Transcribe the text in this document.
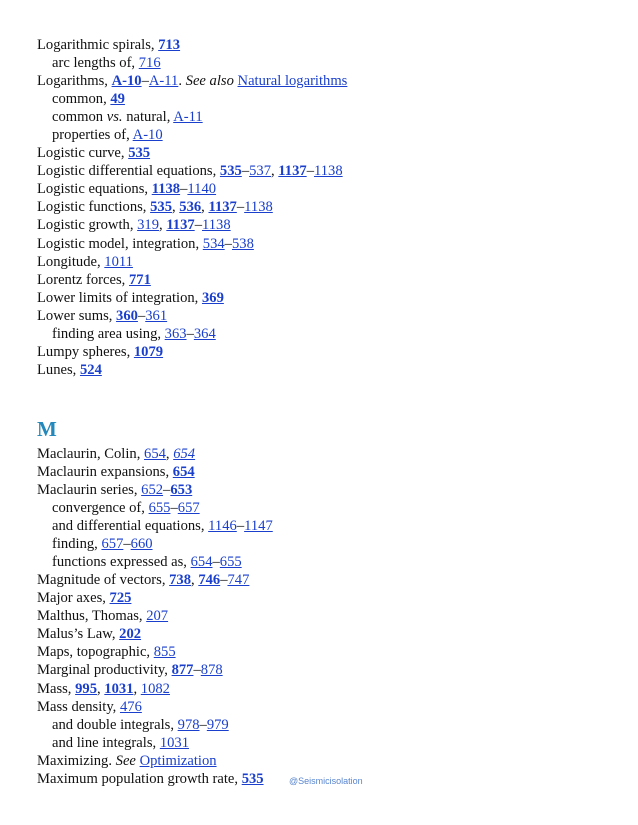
Logarithmic spirals, 713
arc lengths of, 716
Logarithms, A-10–A-11. See also Natural logarithms
common, 49
common vs. natural, A-11
properties of, A-10
Logistic curve, 535
Logistic differential equations, 535–537, 1137–1138
Logistic equations, 1138–1140
Logistic functions, 535, 536, 1137–1138
Logistic growth, 319, 1137–1138
Logistic model, integration, 534–538
Longitude, 1011
Lorentz forces, 771
Lower limits of integration, 369
Lower sums, 360–361
finding area using, 363–364
Lumpy spheres, 1079
Lunes, 524
M
Maclaurin, Colin, 654, 654
Maclaurin expansions, 654
Maclaurin series, 652–653
convergence of, 655–657
and differential equations, 1146–1147
finding, 657–660
functions expressed as, 654–655
Magnitude of vectors, 738, 746–747
Major axes, 725
Malthus, Thomas, 207
Malus’s Law, 202
Maps, topographic, 855
Marginal productivity, 877–878
Mass, 995, 1031, 1082
Mass density, 476
and double integrals, 978–979
and line integrals, 1031
Maximizing. See Optimization
Maximum population growth rate, 535	@Seismicisolation
